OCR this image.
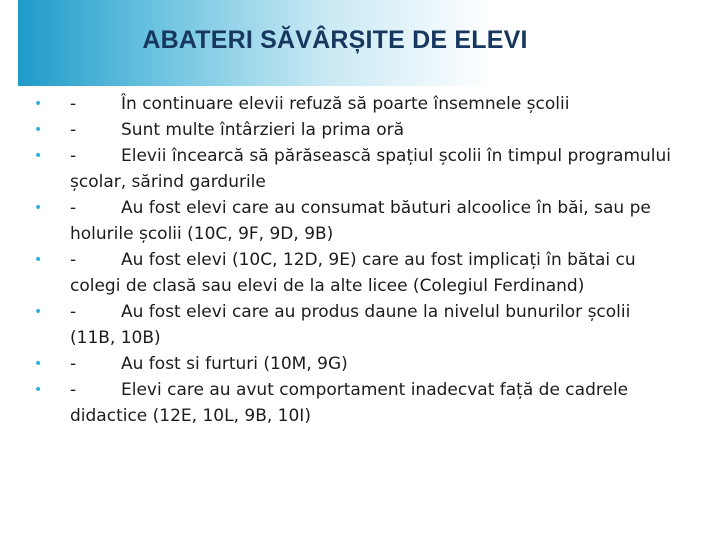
ABATERI SĂVÂRȘITE DE ELEVI
•	-	În continuare elevii refuză să poarte însemnele școlii
•	-	Sunt multe întârzieri la prima oră
•	-	Elevii încearcă să părăsească spațiul școlii în timpul programului școlar, sărind gardurile
•	-	Au fost elevi care au consumat băuturi alcoolice în băi, sau pe holurile școlii (10C, 9F, 9D, 9B)
•	-	Au fost elevi (10C, 12D, 9E) care au fost implicați în bătai cu colegi de clasă sau elevi de la alte licee (Colegiul Ferdinand)
•	-	Au fost elevi care au produs daune la nivelul bunurilor școlii (11B, 10B)
•	-	Au fost si furturi (10M, 9G)
•	-	Elevi care au avut comportament inadecvat față de cadrele didactice (12E, 10L, 9B, 10I)
